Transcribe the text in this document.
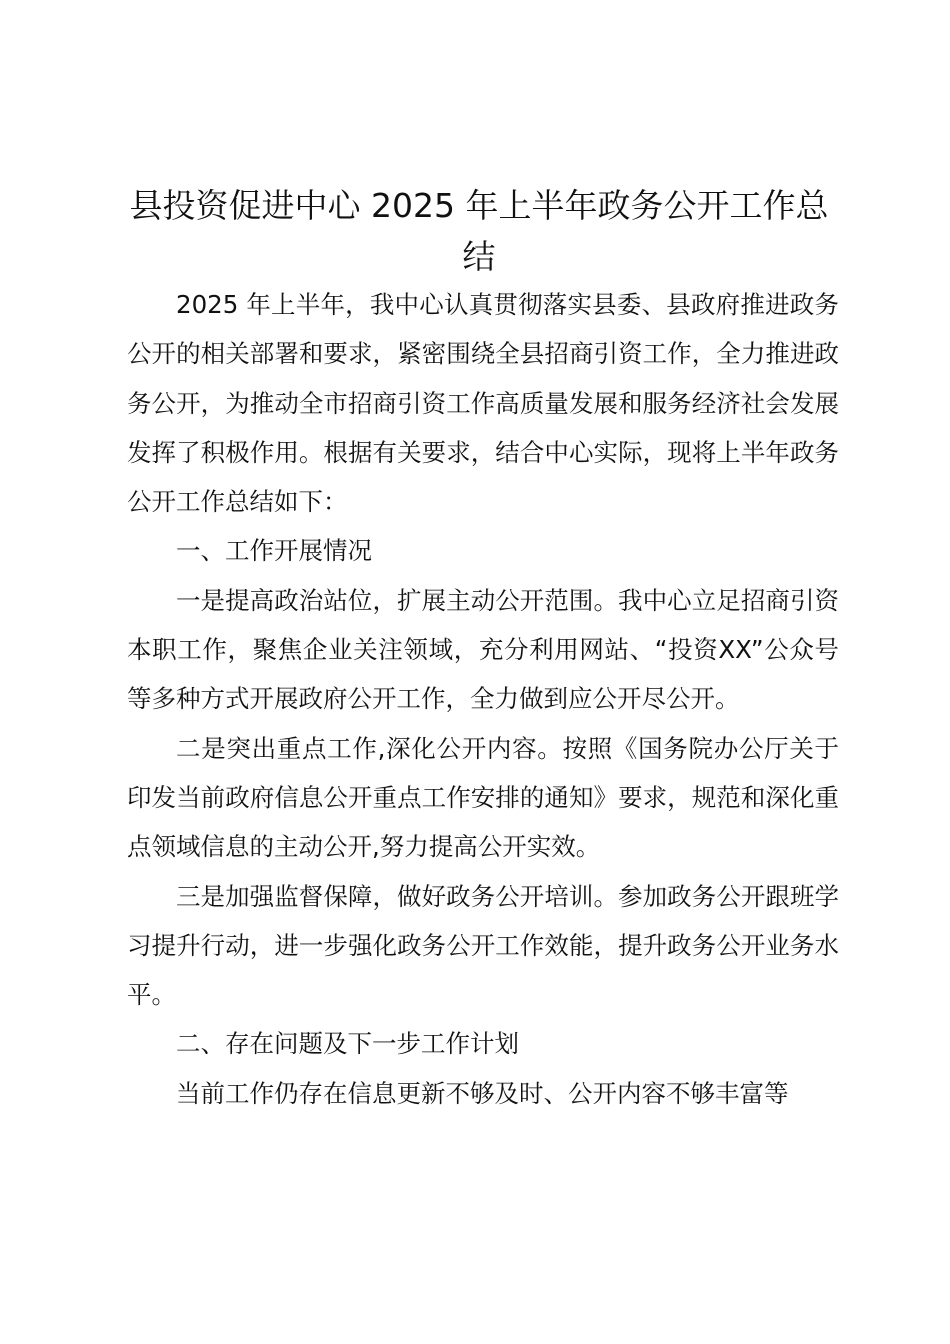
县投资促进中心 2025 年上半年政务公开工作总结

2025 年上半年，我中心认真贯彻落实县委、县政府推进政务公开的相关部署和要求，紧密围绕全县招商引资工作，全力推进政务公开，为推动全市招商引资工作高质量发展和服务经济社会发展发挥了积极作用。根据有关要求，结合中心实际，现将上半年政务公开工作总结如下：

一、工作开展情况

一是提高政治站位，扩展主动公开范围。我中心立足招商引资本职工作，聚焦企业关注领域，充分利用网站、“投资XX”公众号等多种方式开展政府公开工作，全力做到应公开尽公开。

二是突出重点工作,深化公开内容。按照《国务院办公厅关于印发当前政府信息公开重点工作安排的通知》要求，规范和深化重点领域信息的主动公开,努力提高公开实效。

三是加强监督保障，做好政务公开培训。参加政务公开跟班学习提升行动，进一步强化政务公开工作效能，提升政务公开业务水平。

二、存在问题及下一步工作计划

当前工作仍存在信息更新不够及时、公开内容不够丰富等
